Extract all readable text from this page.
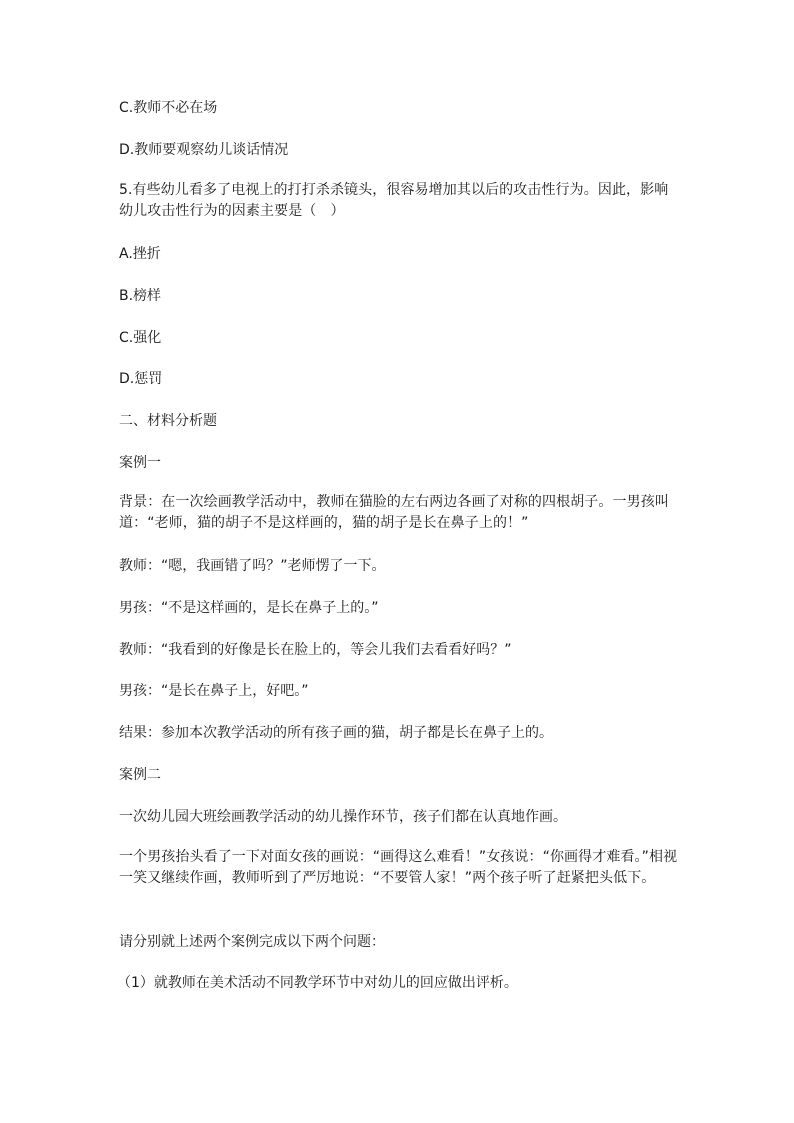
C.教师不必在场

D.教师要观察幼儿谈话情况

5.有些幼儿看多了电视上的打打杀杀镜头，很容易增加其以后的攻击性行为。因此，影响幼儿攻击性行为的因素主要是（　）

A.挫折

B.榜样

C.强化

D.惩罚

二、材料分析题

案例一

背景：在一次绘画教学活动中，教师在猫脸的左右两边各画了对称的四根胡子。一男孩叫道：“老师，猫的胡子不是这样画的，猫的胡子是长在鼻子上的！”

教师：“嗯，我画错了吗？”老师愣了一下。

男孩：“不是这样画的，是长在鼻子上的。”

教师：“我看到的好像是长在脸上的，等会儿我们去看看好吗？”

男孩：“是长在鼻子上，好吧。”

结果：参加本次教学活动的所有孩子画的猫，胡子都是长在鼻子上的。

案例二

一次幼儿园大班绘画教学活动的幼儿操作环节，孩子们都在认真地作画。

一个男孩抬头看了一下对面女孩的画说：“画得这么难看！”女孩说：“你画得才难看。”相视一笑又继续作画，教师听到了严厉地说：“不要管人家！”两个孩子听了赶紧把头低下。

请分别就上述两个案例完成以下两个问题：

（1）就教师在美术活动不同教学环节中对幼儿的回应做出评析。
